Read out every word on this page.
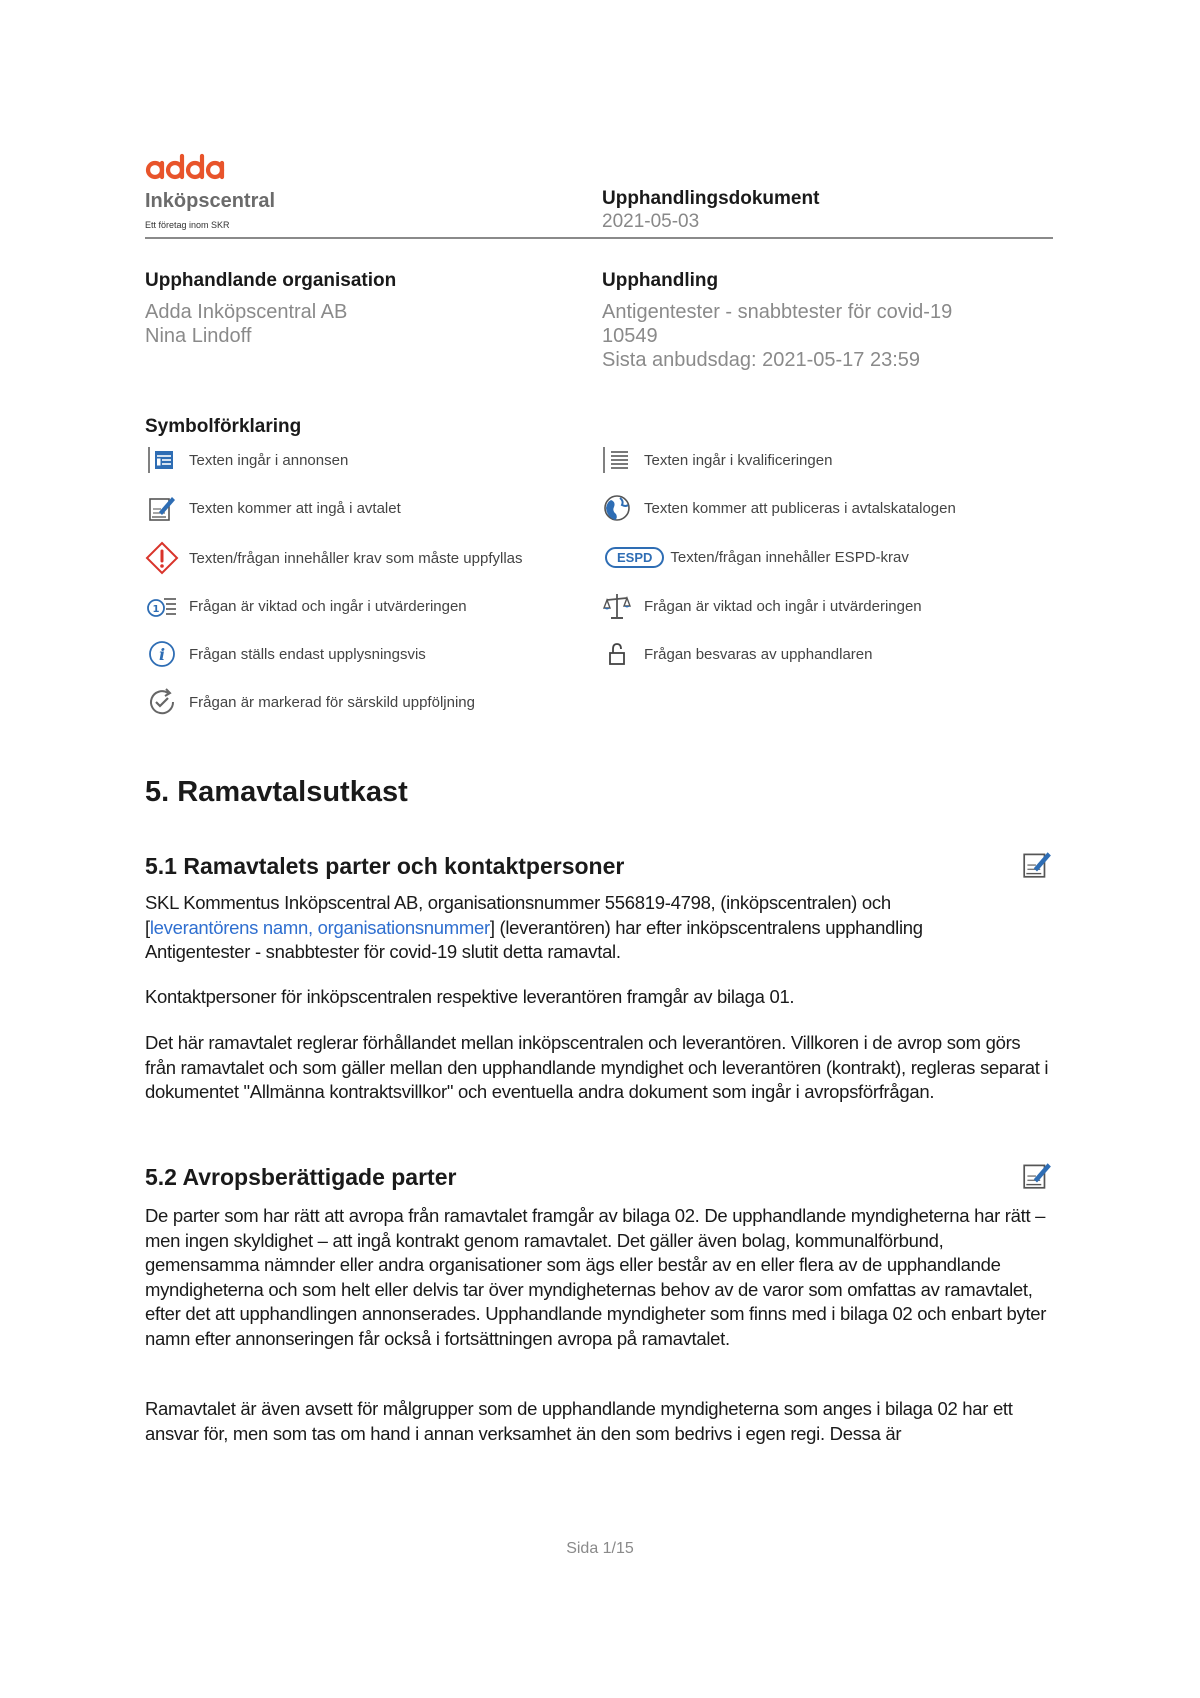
Inköpscentral
Ett företag inom SKR
Upphandlingsdokument
2021-05-03
Upphandlande organisation
Adda Inköpscentral AB
Nina Lindoff
Upphandling
Antigentester - snabbtester för covid-19
10549
Sista anbudsdag: 2021-05-17 23:59
Symbolförklaring
Texten ingår i annonsen	Texten ingår i kvalificeringen
Texten kommer att ingå i avtalet	Texten kommer att publiceras i avtalskatalogen
Texten/frågan innehåller krav som måste uppfyllas	ESPD	Texten/frågan innehåller ESPD-krav
1 Frågan är viktad och ingår i utvärderingen	Frågan är viktad och ingår i utvärderingen
i Frågan ställs endast upplysningsvis	Frågan besvaras av upphandlaren
Frågan är markerad för särskild uppföljning
5. Ramavtalsutkast
5.1 Ramavtalets parter och kontaktpersoner
SKL Kommentus Inköpscentral AB, organisationsnummer 556819-4798, (inköpscentralen) och
[leverantörens namn, organisationsnummer] (leverantören) har efter inköpscentralens upphandling
Antigentester - snabbtester för covid-19 slutit detta ramavtal.
Kontaktpersoner för inköpscentralen respektive leverantören framgår av bilaga 01.
Det här ramavtalet reglerar förhållandet mellan inköpscentralen och leverantören. Villkoren i de avrop som görs från ramavtalet och som gäller mellan den upphandlande myndighet och leverantören (kontrakt), regleras separat i dokumentet "Allmänna kontraktsvillkor" och eventuella andra dokument som ingår i avropsförfrågan.
5.2 Avropsberättigade parter
De parter som har rätt att avropa från ramavtalet framgår av bilaga 02. De upphandlande myndigheterna har rätt – men ingen skyldighet – att ingå kontrakt genom ramavtalet. Det gäller även bolag, kommunalförbund, gemensamma nämnder eller andra organisationer som ägs eller består av en eller flera av de upphandlande myndigheterna och som helt eller delvis tar över myndigheternas behov av de varor som omfattas av ramavtalet, efter det att upphandlingen annonserades. Upphandlande myndigheter som finns med i bilaga 02 och enbart byter namn efter annonseringen får också i fortsättningen avropa på ramavtalet.
Ramavtalet är även avsett för målgrupper som de upphandlande myndigheterna som anges i bilaga 02 har ett ansvar för, men som tas om hand i annan verksamhet än den som bedrivs i egen regi. Dessa är
Sida 1/15
